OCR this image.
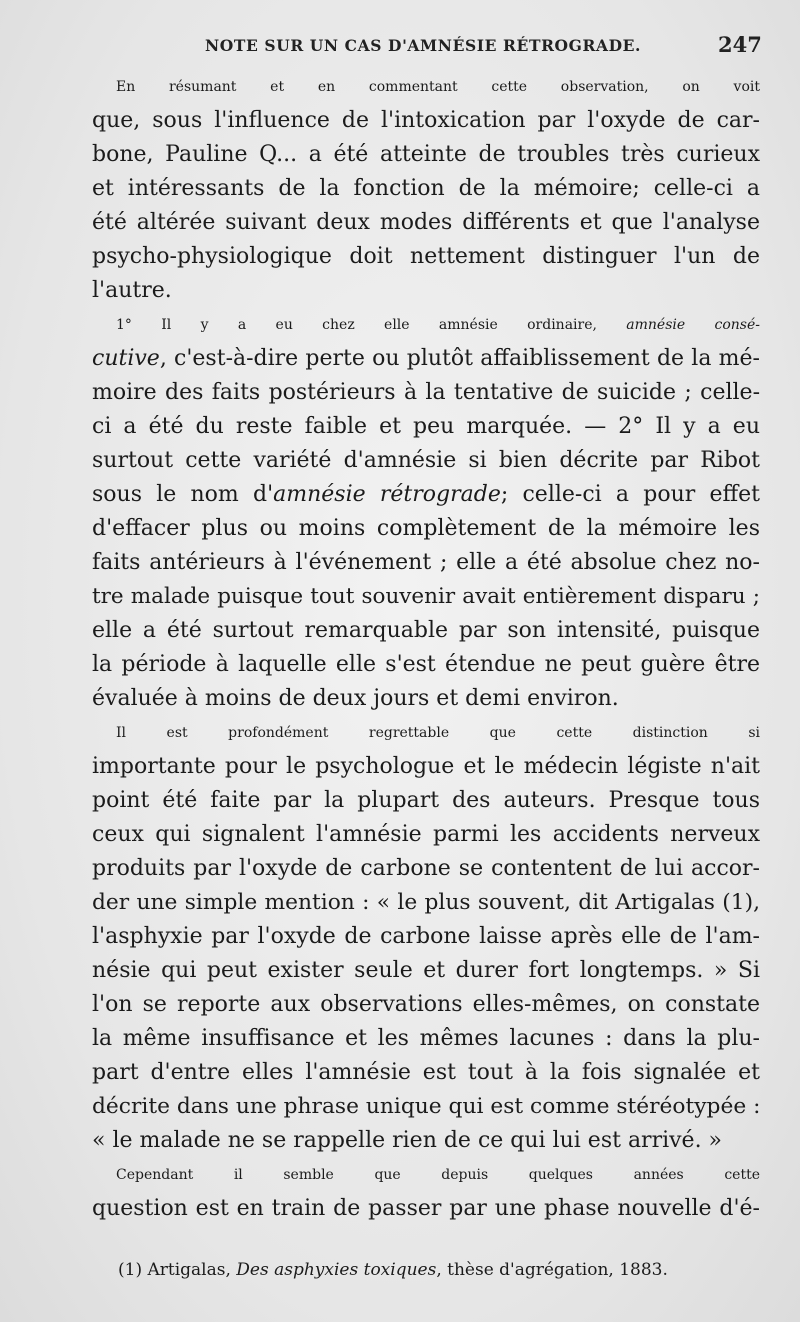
NOTE SUR UN CAS D'AMNÉSIE RÉTROGRADE.	247

En résumant et en commentant cette observation, on voit
que, sous l'influence de l'intoxication par l'oxyde de car-
bone, Pauline Q... a été atteinte de troubles très curieux
et intéressants de la fonction de la mémoire; celle-ci a
été altérée suivant deux modes différents et que l'analyse
psycho-physiologique doit nettement distinguer l'un de
l'autre.

1° Il y a eu chez elle amnésie ordinaire, amnésie consé-
cutive, c'est-à-dire perte ou plutôt affaiblissement de la mé-
moire des faits postérieurs à la tentative de suicide ; celle-
ci a été du reste faible et peu marquée. — 2° Il y a eu
surtout cette variété d'amnésie si bien décrite par Ribot
sous le nom d'amnésie rétrograde; celle-ci a pour effet
d'effacer plus ou moins complètement de la mémoire les
faits antérieurs à l'événement ; elle a été absolue chez no-
tre malade puisque tout souvenir avait entièrement disparu ;
elle a été surtout remarquable par son intensité, puisque
la période à laquelle elle s'est étendue ne peut guère être
évaluée à moins de deux jours et demi environ.

Il est profondément regrettable que cette distinction si
importante pour le psychologue et le médecin légiste n'ait
point été faite par la plupart des auteurs. Presque tous
ceux qui signalent l'amnésie parmi les accidents nerveux
produits par l'oxyde de carbone se contentent de lui accor-
der une simple mention : « le plus souvent, dit Artigalas (1),
l'asphyxie par l'oxyde de carbone laisse après elle de l'am-
nésie qui peut exister seule et durer fort longtemps. » Si
l'on se reporte aux observations elles-mêmes, on constate
la même insuffisance et les mêmes lacunes : dans la plu-
part d'entre elles l'amnésie est tout à la fois signalée et
décrite dans une phrase unique qui est comme stéréotypée :
« le malade ne se rappelle rien de ce qui lui est arrivé. »

Cependant il semble que depuis quelques années cette
question est en train de passer par une phase nouvelle d'é-

(1) Artigalas, Des asphyxies toxiques, thèse d'agrégation, 1883.
